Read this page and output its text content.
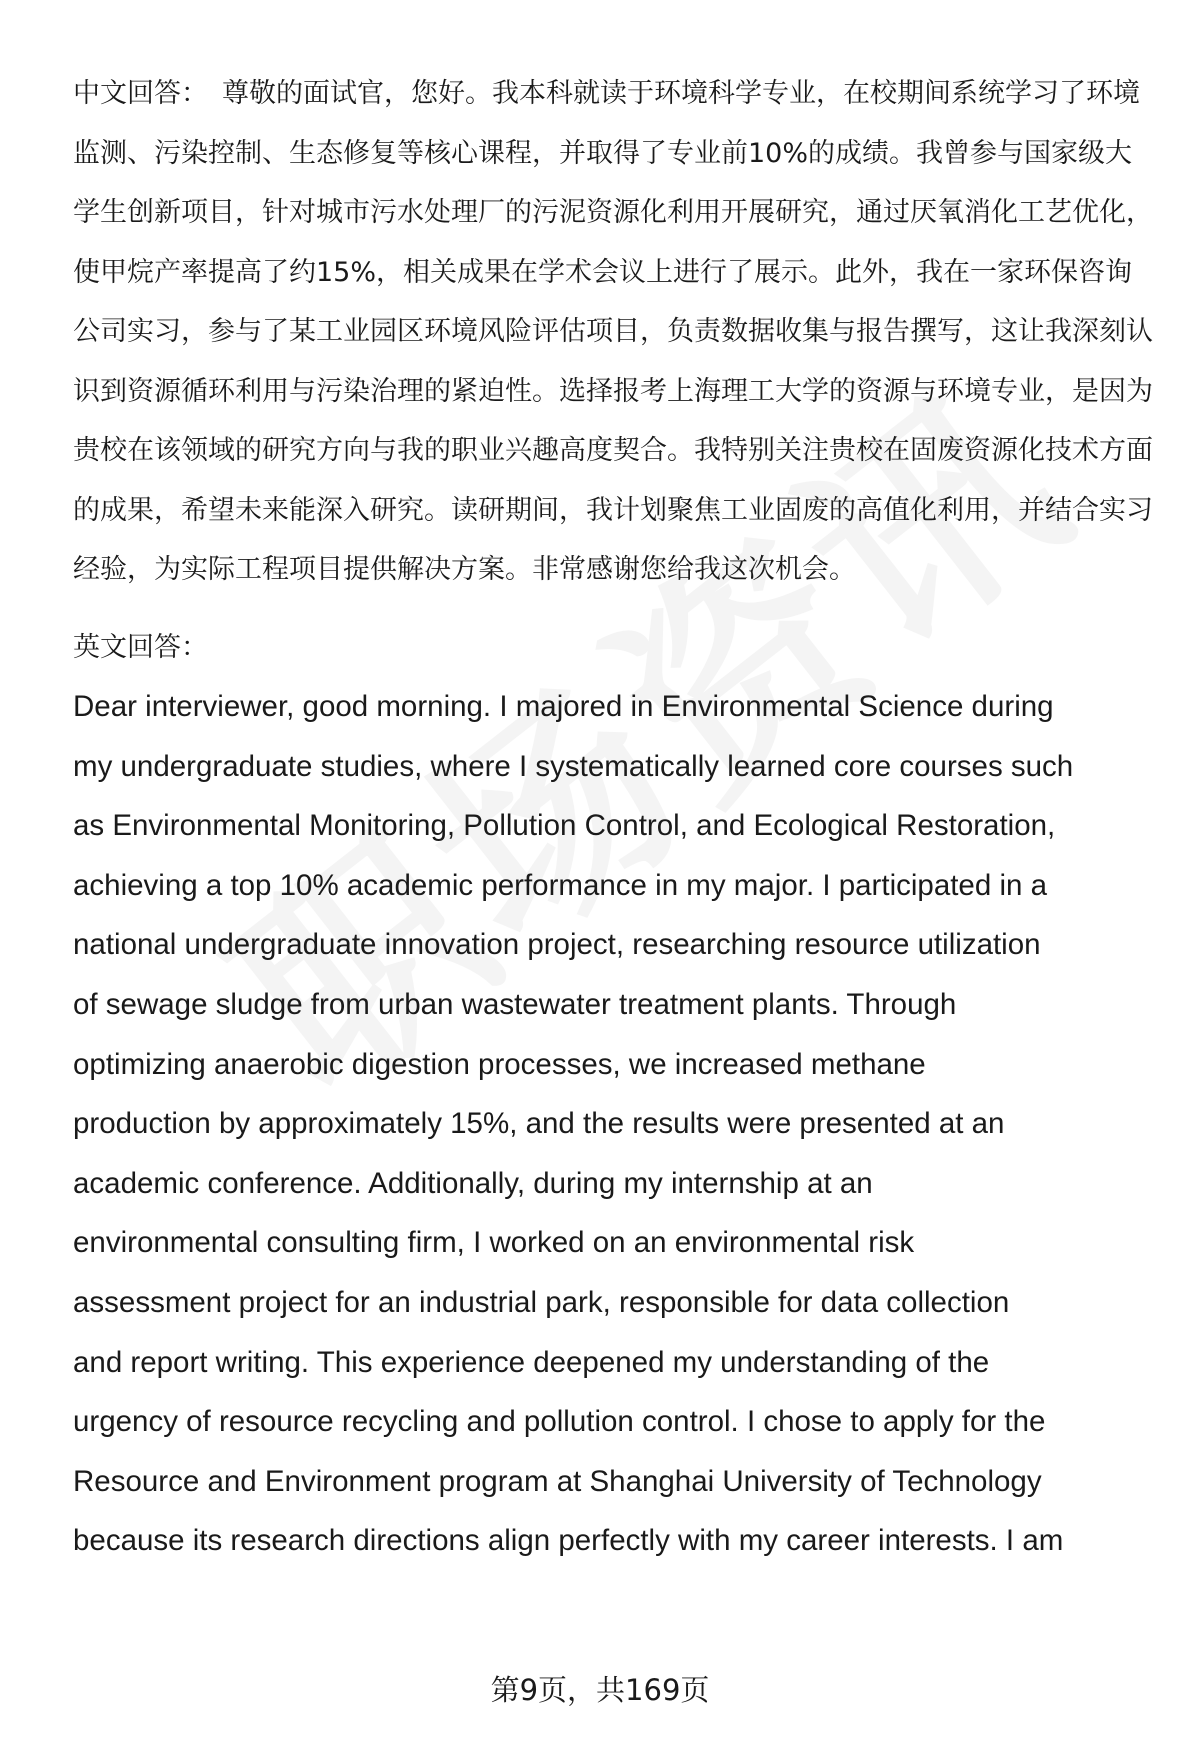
中文回答： 尊敬的面试官，您好。我本科就读于环境科学专业，在校期间系统学习了环境监测、污染控制、生态修复等核心课程，并取得了专业前10%的成绩。我曾参与国家级大学生创新项目，针对城市污水处理厂的污泥资源化利用开展研究，通过厌氧消化工艺优化，使甲烷产率提高了约15%，相关成果在学术会议上进行了展示。此外，我在一家环保咨询公司实习，参与了某工业园区环境风险评估项目，负责数据收集与报告撰写，这让我深刻认识到资源循环利用与污染治理的紧迫性。选择报考上海理工大学的资源与环境专业，是因为贵校在该领域的研究方向与我的职业兴趣高度契合。我特别关注贵校在固废资源化技术方面的成果，希望未来能深入研究。读研期间，我计划聚焦工业固废的高值化利用，并结合实习经验，为实际工程项目提供解决方案。非常感谢您给我这次机会。

英文回答：

Dear interviewer, good morning. I majored in Environmental Science during
my undergraduate studies, where I systematically learned core courses such
as Environmental Monitoring, Pollution Control, and Ecological Restoration,
achieving a top 10% academic performance in my major. I participated in a
national undergraduate innovation project, researching resource utilization
of sewage sludge from urban wastewater treatment plants. Through
optimizing anaerobic digestion processes, we increased methane
production by approximately 15%, and the results were presented at an
academic conference. Additionally, during my internship at an
environmental consulting firm, I worked on an environmental risk
assessment project for an industrial park, responsible for data collection
and report writing. This experience deepened my understanding of the
urgency of resource recycling and pollution control. I chose to apply for the
Resource and Environment program at Shanghai University of Technology
because its research directions align perfectly with my career interests. I am

第9页，共169页
